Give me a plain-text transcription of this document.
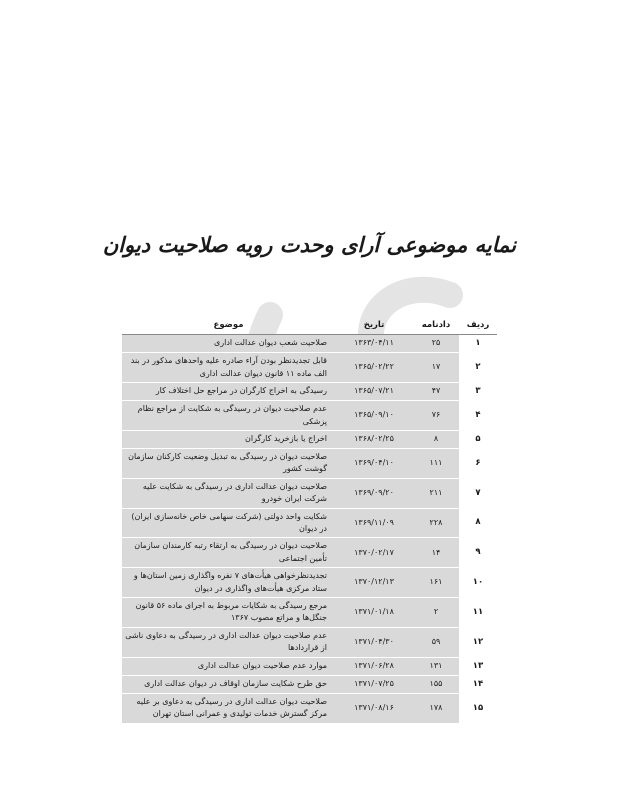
نمایه موضوعی آرای وحدت رویه صلاحیت دیوان
ردیف	دادنامه	تاریخ	موضوع
۱	۲۵	۱۳۶۳/۰۴/۱۱	صلاحیت شعب دیوان عدالت اداری
۲	۱۷	۱۳۶۵/۰۲/۲۲	قابل تجدیدنظر بودن آراء صادره علیه واحدهای مذکور در بند الف ماده ۱۱ قانون دیوان عدالت اداری
۳	۴۷	۱۳۶۵/۰۷/۲۱	رسیدگی به اخراج کارگران در مراجع حل اختلاف کار
۴	۷۶	۱۳۶۵/۰۹/۱۰	عدم صلاحیت دیوان در رسیدگی به شکایت از مراجع نظام پزشکی
۵	۸	۱۳۶۸/۰۲/۲۵	اخراج یا بازخرید کارگران
۶	۱۱۱	۱۳۶۹/۰۴/۱۰	صلاحیت دیوان در رسیدگی به تبدیل وضعیت کارکنان سازمان گوشت کشور
۷	۲۱۱	۱۳۶۹/۰۹/۲۰	صلاحیت دیوان عدالت اداری در رسیدگی به شکایت علیه شرکت ایران خودرو
۸	۲۲۸	۱۳۶۹/۱۱/۰۹	شکایت واحد دولتی (شرکت سهامی خاص خانه‌سازی ایران) در دیوان
۹	۱۴	۱۳۷۰/۰۲/۱۷	صلاحیت دیوان در رسیدگی به ارتقاء رتبه کارمندان سازمان تأمین اجتماعی
۱۰	۱۶۱	۱۳۷۰/۱۲/۱۳	تجدیدنظرخواهی هیأت‌های ۷ نفره واگذاری زمین استان‌ها و ستاد مرکزی هیأت‌های واگذاری در دیوان
۱۱	۲	۱۳۷۱/۰۱/۱۸	مرجع رسیدگی به شکایات مربوط به اجرای ماده ۵۶ قانون جنگل‌ها و مراتع مصوب ۱۳۶۷
۱۲	۵۹	۱۳۷۱/۰۴/۳۰	عدم صلاحیت دیوان عدالت اداری در رسیدگی به دعاوی ناشی از قراردادها
۱۳	۱۳۱	۱۳۷۱/۰۶/۲۸	موارد عدم صلاحیت دیوان عدالت اداری
۱۴	۱۵۵	۱۳۷۱/۰۷/۲۵	حق طرح شکایت سازمان اوقاف در دیوان عدالت اداری
۱۵	۱۷۸	۱۳۷۱/۰۸/۱۶	صلاحیت دیوان عدالت اداری در رسیدگی به دعاوی بر علیه مرکز گسترش خدمات تولیدی و عمرانی استان تهران
